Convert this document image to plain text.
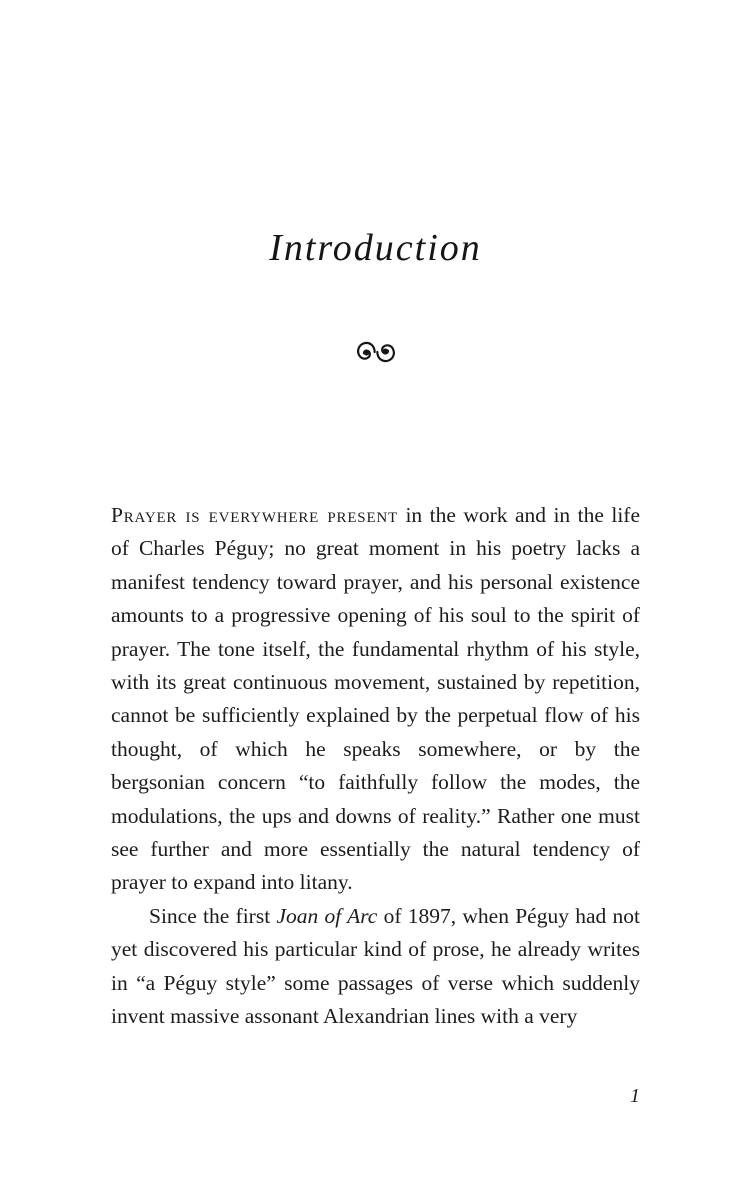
Introduction

Prayer is everywhere present in the work and in the life of Charles Péguy; no great moment in his poetry lacks a manifest tendency toward prayer, and his personal existence amounts to a progressive opening of his soul to the spirit of prayer. The tone itself, the fundamental rhythm of his style, with its great continuous movement, sustained by repetition, cannot be sufficiently explained by the perpetual flow of his thought, of which he speaks somewhere, or by the bergsonian concern “to faithfully follow the modes, the modulations, the ups and downs of reality.” Rather one must see further and more essentially the natural tendency of prayer to expand into litany.

Since the first Joan of Arc of 1897, when Péguy had not yet discovered his particular kind of prose, he already writes in “a Péguy style” some passages of verse which suddenly invent massive assonant Alexandrian lines with a very

1
